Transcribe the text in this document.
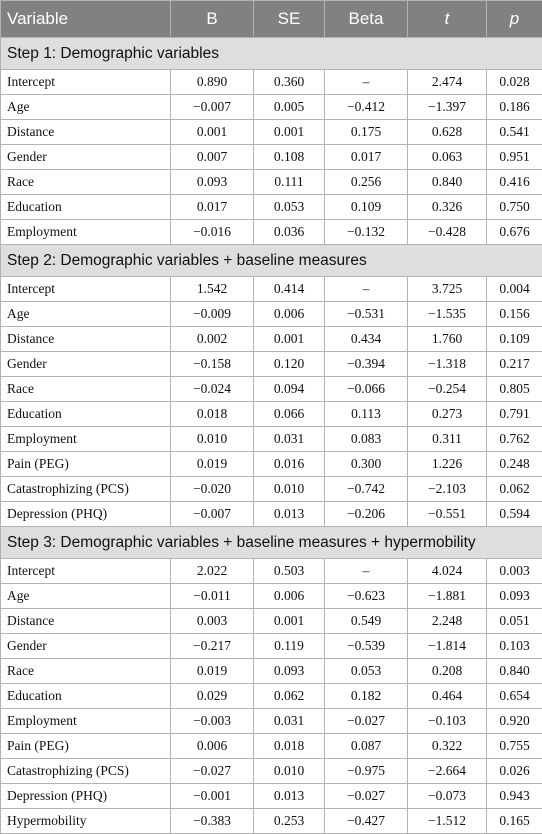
Variable	B	SE	Beta	t	p
Step 1: Demographic variables					
Intercept	0.890	0.360	–	2.474	0.028
Age	−0.007	0.005	−0.412	−1.397	0.186
Distance	0.001	0.001	0.175	0.628	0.541
Gender	0.007	0.108	0.017	0.063	0.951
Race	0.093	0.111	0.256	0.840	0.416
Education	0.017	0.053	0.109	0.326	0.750
Employment	−0.016	0.036	−0.132	−0.428	0.676
Step 2: Demographic variables + baseline measures					
Intercept	1.542	0.414	–	3.725	0.004
Age	−0.009	0.006	−0.531	−1.535	0.156
Distance	0.002	0.001	0.434	1.760	0.109
Gender	−0.158	0.120	−0.394	−1.318	0.217
Race	−0.024	0.094	−0.066	−0.254	0.805
Education	0.018	0.066	0.113	0.273	0.791
Employment	0.010	0.031	0.083	0.311	0.762
Pain (PEG)	0.019	0.016	0.300	1.226	0.248
Catastrophizing (PCS)	−0.020	0.010	−0.742	−2.103	0.062
Depression (PHQ)	−0.007	0.013	−0.206	−0.551	0.594
Step 3: Demographic variables + baseline measures + hypermobility					
Intercept	2.022	0.503	–	4.024	0.003
Age	−0.011	0.006	−0.623	−1.881	0.093
Distance	0.003	0.001	0.549	2.248	0.051
Gender	−0.217	0.119	−0.539	−1.814	0.103
Race	0.019	0.093	0.053	0.208	0.840
Education	0.029	0.062	0.182	0.464	0.654
Employment	−0.003	0.031	−0.027	−0.103	0.920
Pain (PEG)	0.006	0.018	0.087	0.322	0.755
Catastrophizing (PCS)	−0.027	0.010	−0.975	−2.664	0.026
Depression (PHQ)	−0.001	0.013	−0.027	−0.073	0.943
Hypermobility	−0.383	0.253	−0.427	−1.512	0.165
